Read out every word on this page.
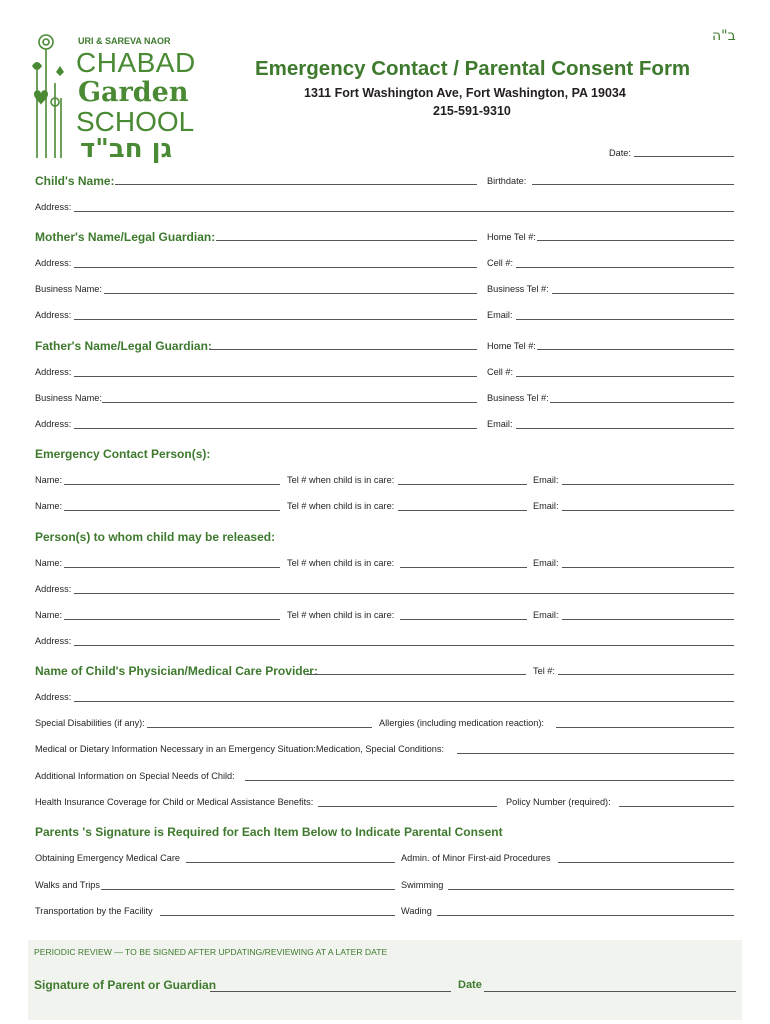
ב"ה
URI & SAREVA NAOR
CHABAD
Garden
SCHOOL
גן חב"ד
Emergency Contact / Parental Consent Form
1311 Fort Washington Ave, Fort Washington, PA 19034
215-591-9310
Date:
Child's Name:	Birthdate:
Address:
Mother's Name/Legal Guardian:	Home Tel #:
Address:	Cell #:
Business Name:	Business Tel #:
Address:	Email:
Father's Name/Legal Guardian:	Home Tel #:
Address:	Cell #:
Business Name:	Business Tel #:
Address:	Email:
Emergency Contact Person(s):
Name:	Tel # when child is in care:	Email:
Name:	Tel # when child is in care:	Email:
Person(s) to whom child may be released:
Name:	Tel # when child is in care:	Email:
Address:
Name:	Tel # when child is in care:	Email:
Address:
Name of Child's Physician/Medical Care Provider:	Tel #:
Address:
Special Disabilities (if any):	Allergies (including medication reaction):
Medical or Dietary Information Necessary in an Emergency Situation:Medication, Special Conditions:
Additional Information on Special Needs of Child:
Health Insurance Coverage for Child or Medical Assistance Benefits:	Policy Number (required):
Parents 's Signature is Required for Each Item Below to Indicate Parental Consent
Obtaining Emergency Medical Care	Admin. of Minor First-aid Procedures
Walks and Trips	Swimming
Transportation by the Facility	Wading
PERIODIC REVIEW — TO BE SIGNED AFTER UPDATING/REVIEWING AT A LATER DATE
Signature of Parent or Guardian	Date
